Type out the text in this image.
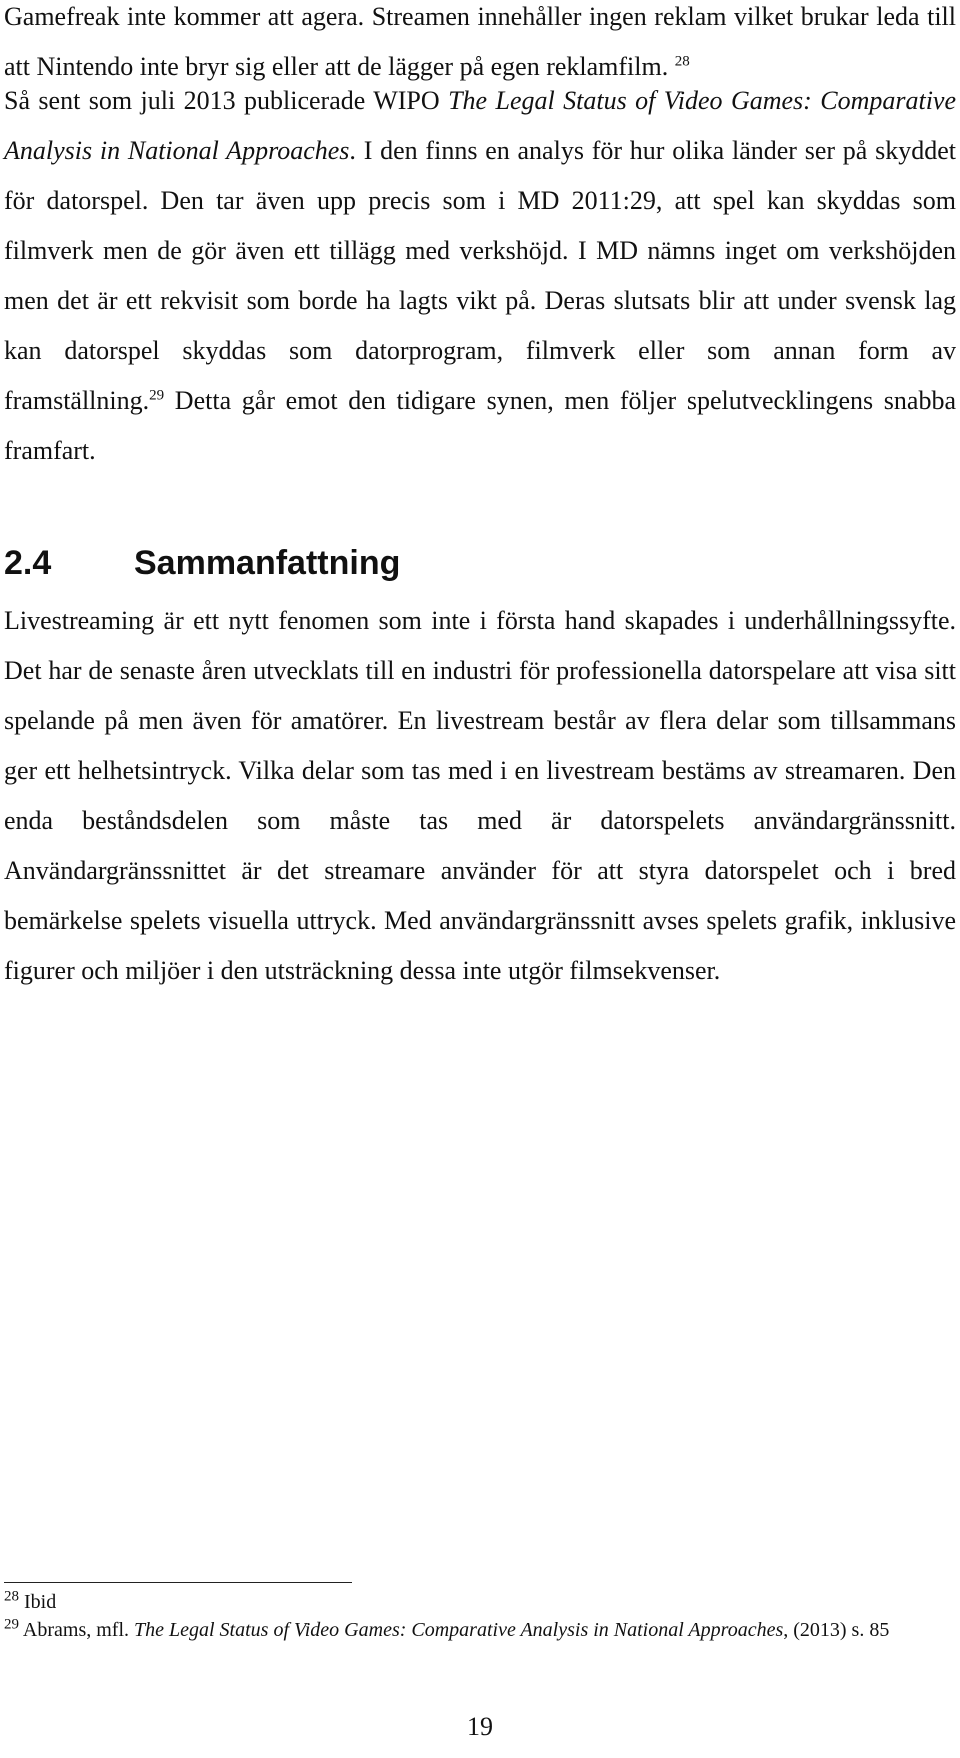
Gamefreak inte kommer att agera. Streamen innehåller ingen reklam vilket brukar leda till att Nintendo inte bryr sig eller att de lägger på egen reklamfilm. $^{28}$

Så sent som juli 2013 publicerade WIPO The Legal Status of Video Games: Comparative Analysis in National Approaches. I den finns en analys för hur olika länder ser på skyddet för datorspel. Den tar även upp precis som i MD 2011:29, att spel kan skyddas som filmverk men de gör även ett tillägg med verkshöjd. I MD nämns inget om verkshöjden men det är ett rekvisit som borde ha lagts vikt på. Deras slutsats blir att under svensk lag kan datorspel skyddas som datorprogram, filmverk eller som annan form av framställning.$^{29}$ Detta går emot den tidigare synen, men följer spelutvecklingens snabba framfart.

2.4	Sammanfattning

Livestreaming är ett nytt fenomen som inte i första hand skapades i underhållningssyfte. Det har de senaste åren utvecklats till en industri för professionella datorspelare att visa sitt spelande på men även för amatörer. En livestream består av flera delar som tillsammans ger ett helhetsintryck. Vilka delar som tas med i en livestream bestäms av streamaren. Den enda beståndsdelen som måste tas med är datorspelets användargränssnitt. Användargränssnittet är det streamare använder för att styra datorspelet och i bred bemärkelse spelets visuella uttryck. Med användargränssnitt avses spelets grafik, inklusive figurer och miljöer i den utsträckning dessa inte utgör filmsekvenser.

$^{28}$ Ibid

$^{29}$ Abrams, mfl. The Legal Status of Video Games: Comparative Analysis in National Approaches, (2013) s. 85

19
